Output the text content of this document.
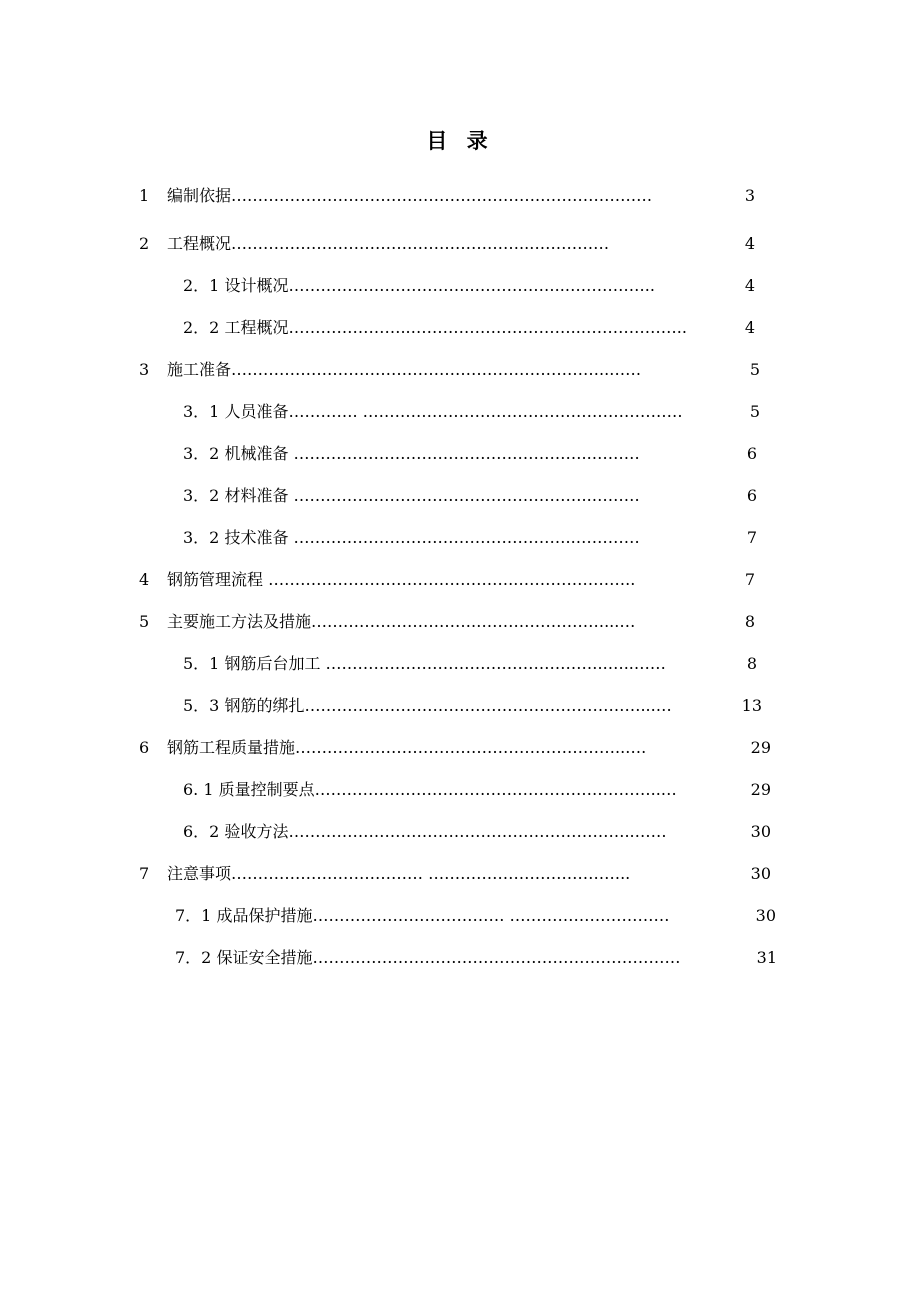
目 录
1 编制依据………………………………………………….…………………	3
2 工程概况………………………………………………..……………	4
2．1 设计概况……………………………..……………..……………..	4
2．2 工程概况…………………..…………………………..………………..	4
3 施工准备……………………………………………………………..……	5
3．1 人员准备…………. ……………………………………………………	5
3．2 机械准备 ………………………………………………..………	6
3．2 材料准备 ………………………………………………..………	6
3．2 技术准备 ……………………………………………..…………	7
4 钢筋管理流程 ……………………………………….…………………..	7
5 主要施工方法及措施………………………….……………………...…	8
5．1 钢筋后台加工 ……………………………………………..…..……	8
5．3 钢筋的绑扎………………………………………………………...…	13
6 钢筋工程质量措施……………………………………………………..….	29
6. 1 质量控制要点………………………………………………………..…	29
6．2 验收方法………………………………………………………..……	30
7 注意事项……………………………… ………………………………..	30
7．1 成品保护措施……………………………… …………………………	30
7．2 保证安全措施……………………………………………………………	31
